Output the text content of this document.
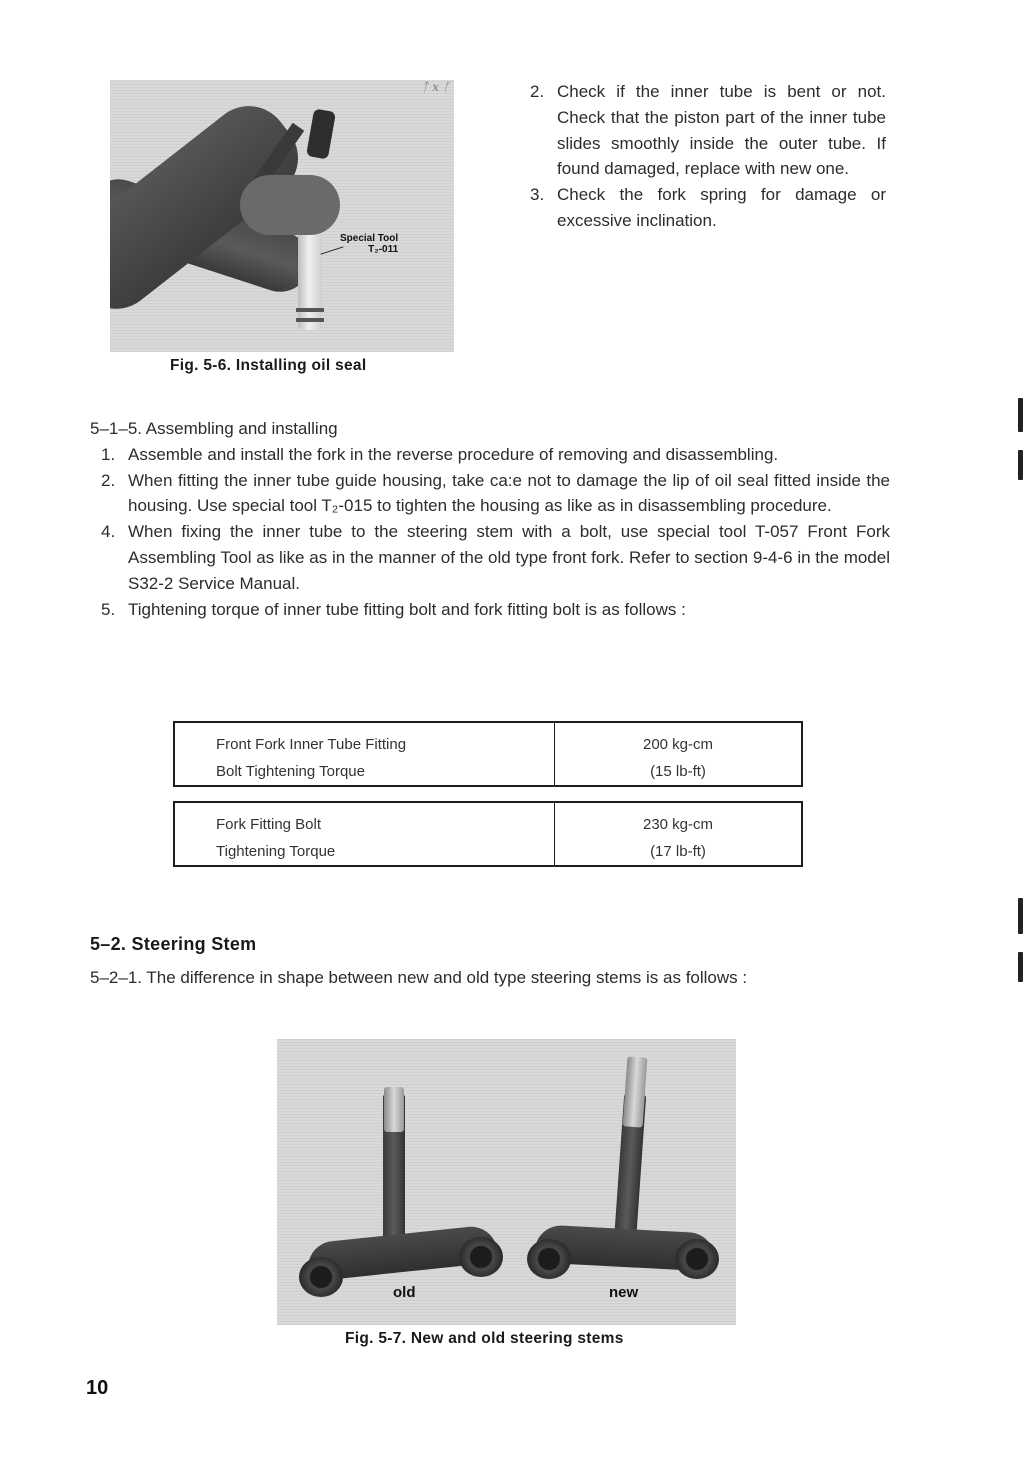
Special Tool
T₂-011
ᛏ x ᚴ
Fig. 5-6. Installing oil seal
2. Check if the inner tube is bent or not. Check that the piston part of the inner tube slides smoothly inside the outer tube. If found damaged, replace with new one.
3. Check the fork spring for damage or excessive inclination.
5–1–5. Assembling and installing
1. Assemble and install the fork in the reverse procedure of removing and disassembling.
2. When fitting the inner tube guide housing, take ca:e not to damage the lip of oil seal fitted inside the housing. Use special tool T₂-015 to tighten the housing as like as in disassembling procedure.
4. When fixing the inner tube to the steering stem with a bolt, use special tool T-057 Front Fork Assembling Tool as like as in the manner of the old type front fork. Refer to section 9-4-6 in the model S32-2 Service Manual.
5. Tightening torque of inner tube fitting bolt and fork fitting bolt is as follows :
Front Fork Inner Tube Fitting
Bolt Tightening Torque
200 kg-cm
(15 lb-ft)
Fork Fitting Bolt
Tightening Torque
230 kg-cm
(17 lb-ft)
5–2. Steering Stem
5–2–1. The difference in shape between new and old type steering stems is as follows :
old	new
Fig. 5-7. New and old steering stems
10
